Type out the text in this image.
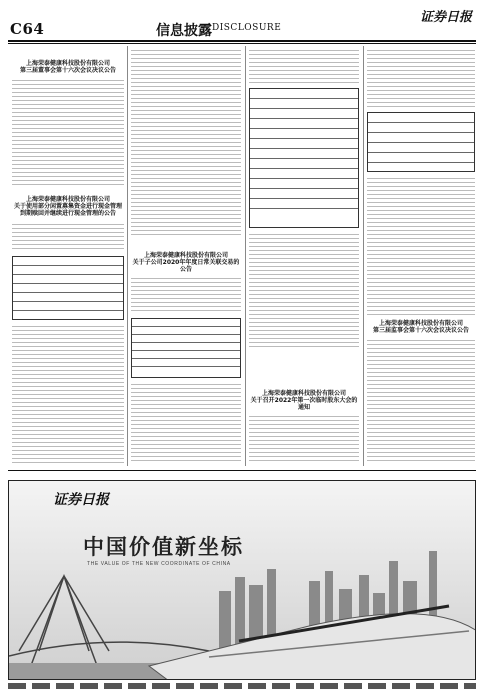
C64	信息披露 DISCLOSURE
证券日报
上海荣泰健康科技股份有限公司
第三届董事会第十六次会议决议公告
上海荣泰健康科技股份有限公司
关于使用部分闲置募集资金进行现金管理到期赎回并继续进行现金管理的公告
上海荣泰健康科技股份有限公司
关于子公司2020年年度日常关联交易的公告
上海荣泰健康科技股份有限公司
关于召开2022年第一次临时股东大会的通知
上海荣泰健康科技股份有限公司
第三届监事会第十六次会议决议公告
证券日报
中国价值新坐标
THE VALUE OF THE NEW COORDINATE OF CHINA
